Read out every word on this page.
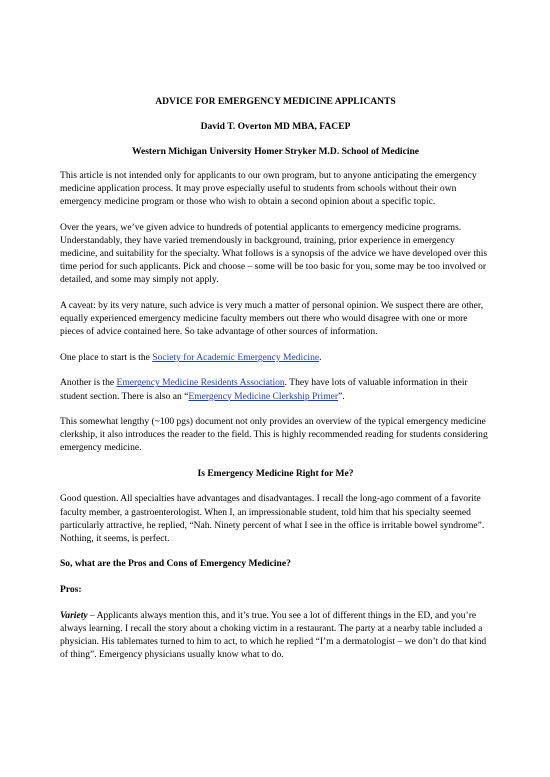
ADVICE FOR EMERGENCY MEDICINE APPLICANTS

David T. Overton MD MBA, FACEP

Western Michigan University Homer Stryker M.D. School of Medicine

This article is not intended only for applicants to our own program, but to anyone anticipating the emergency medicine application process. It may prove especially useful to students from schools without their own emergency medicine program or those who wish to obtain a second opinion about a specific topic.

Over the years, we’ve given advice to hundreds of potential applicants to emergency medicine programs. Understandably, they have varied tremendously in background, training, prior experience in emergency medicine, and suitability for the specialty. What follows is a synopsis of the advice we have developed over this time period for such applicants. Pick and choose – some will be too basic for you, some may be too involved or detailed, and some may simply not apply.

A caveat: by its very nature, such advice is very much a matter of personal opinion. We suspect there are other, equally experienced emergency medicine faculty members out there who would disagree with one or more pieces of advice contained here. So take advantage of other sources of information.

One place to start is the Society for Academic Emergency Medicine.

Another is the Emergency Medicine Residents Association. They have lots of valuable information in their student section. There is also an “Emergency Medicine Clerkship Primer”.

This somewhat lengthy (~100 pgs) document not only provides an overview of the typical emergency medicine clerkship, it also introduces the reader to the field. This is highly recommended reading for students considering emergency medicine.

Is Emergency Medicine Right for Me?

Good question. All specialties have advantages and disadvantages. I recall the long-ago comment of a favorite faculty member, a gastroenterologist. When I, an impressionable student, told him that his specialty seemed particularly attractive, he replied, “Nah. Ninety percent of what I see in the office is irritable bowel syndrome”. Nothing, it seems, is perfect.

So, what are the Pros and Cons of Emergency Medicine?

Pros:

Variety – Applicants always mention this, and it’s true. You see a lot of different things in the ED, and you’re always learning. I recall the story about a choking victim in a restaurant. The party at a nearby table included a physician. His tablemates turned to him to act, to which he replied “I’m a dermatologist – we don’t do that kind of thing”. Emergency physicians usually know what to do.
